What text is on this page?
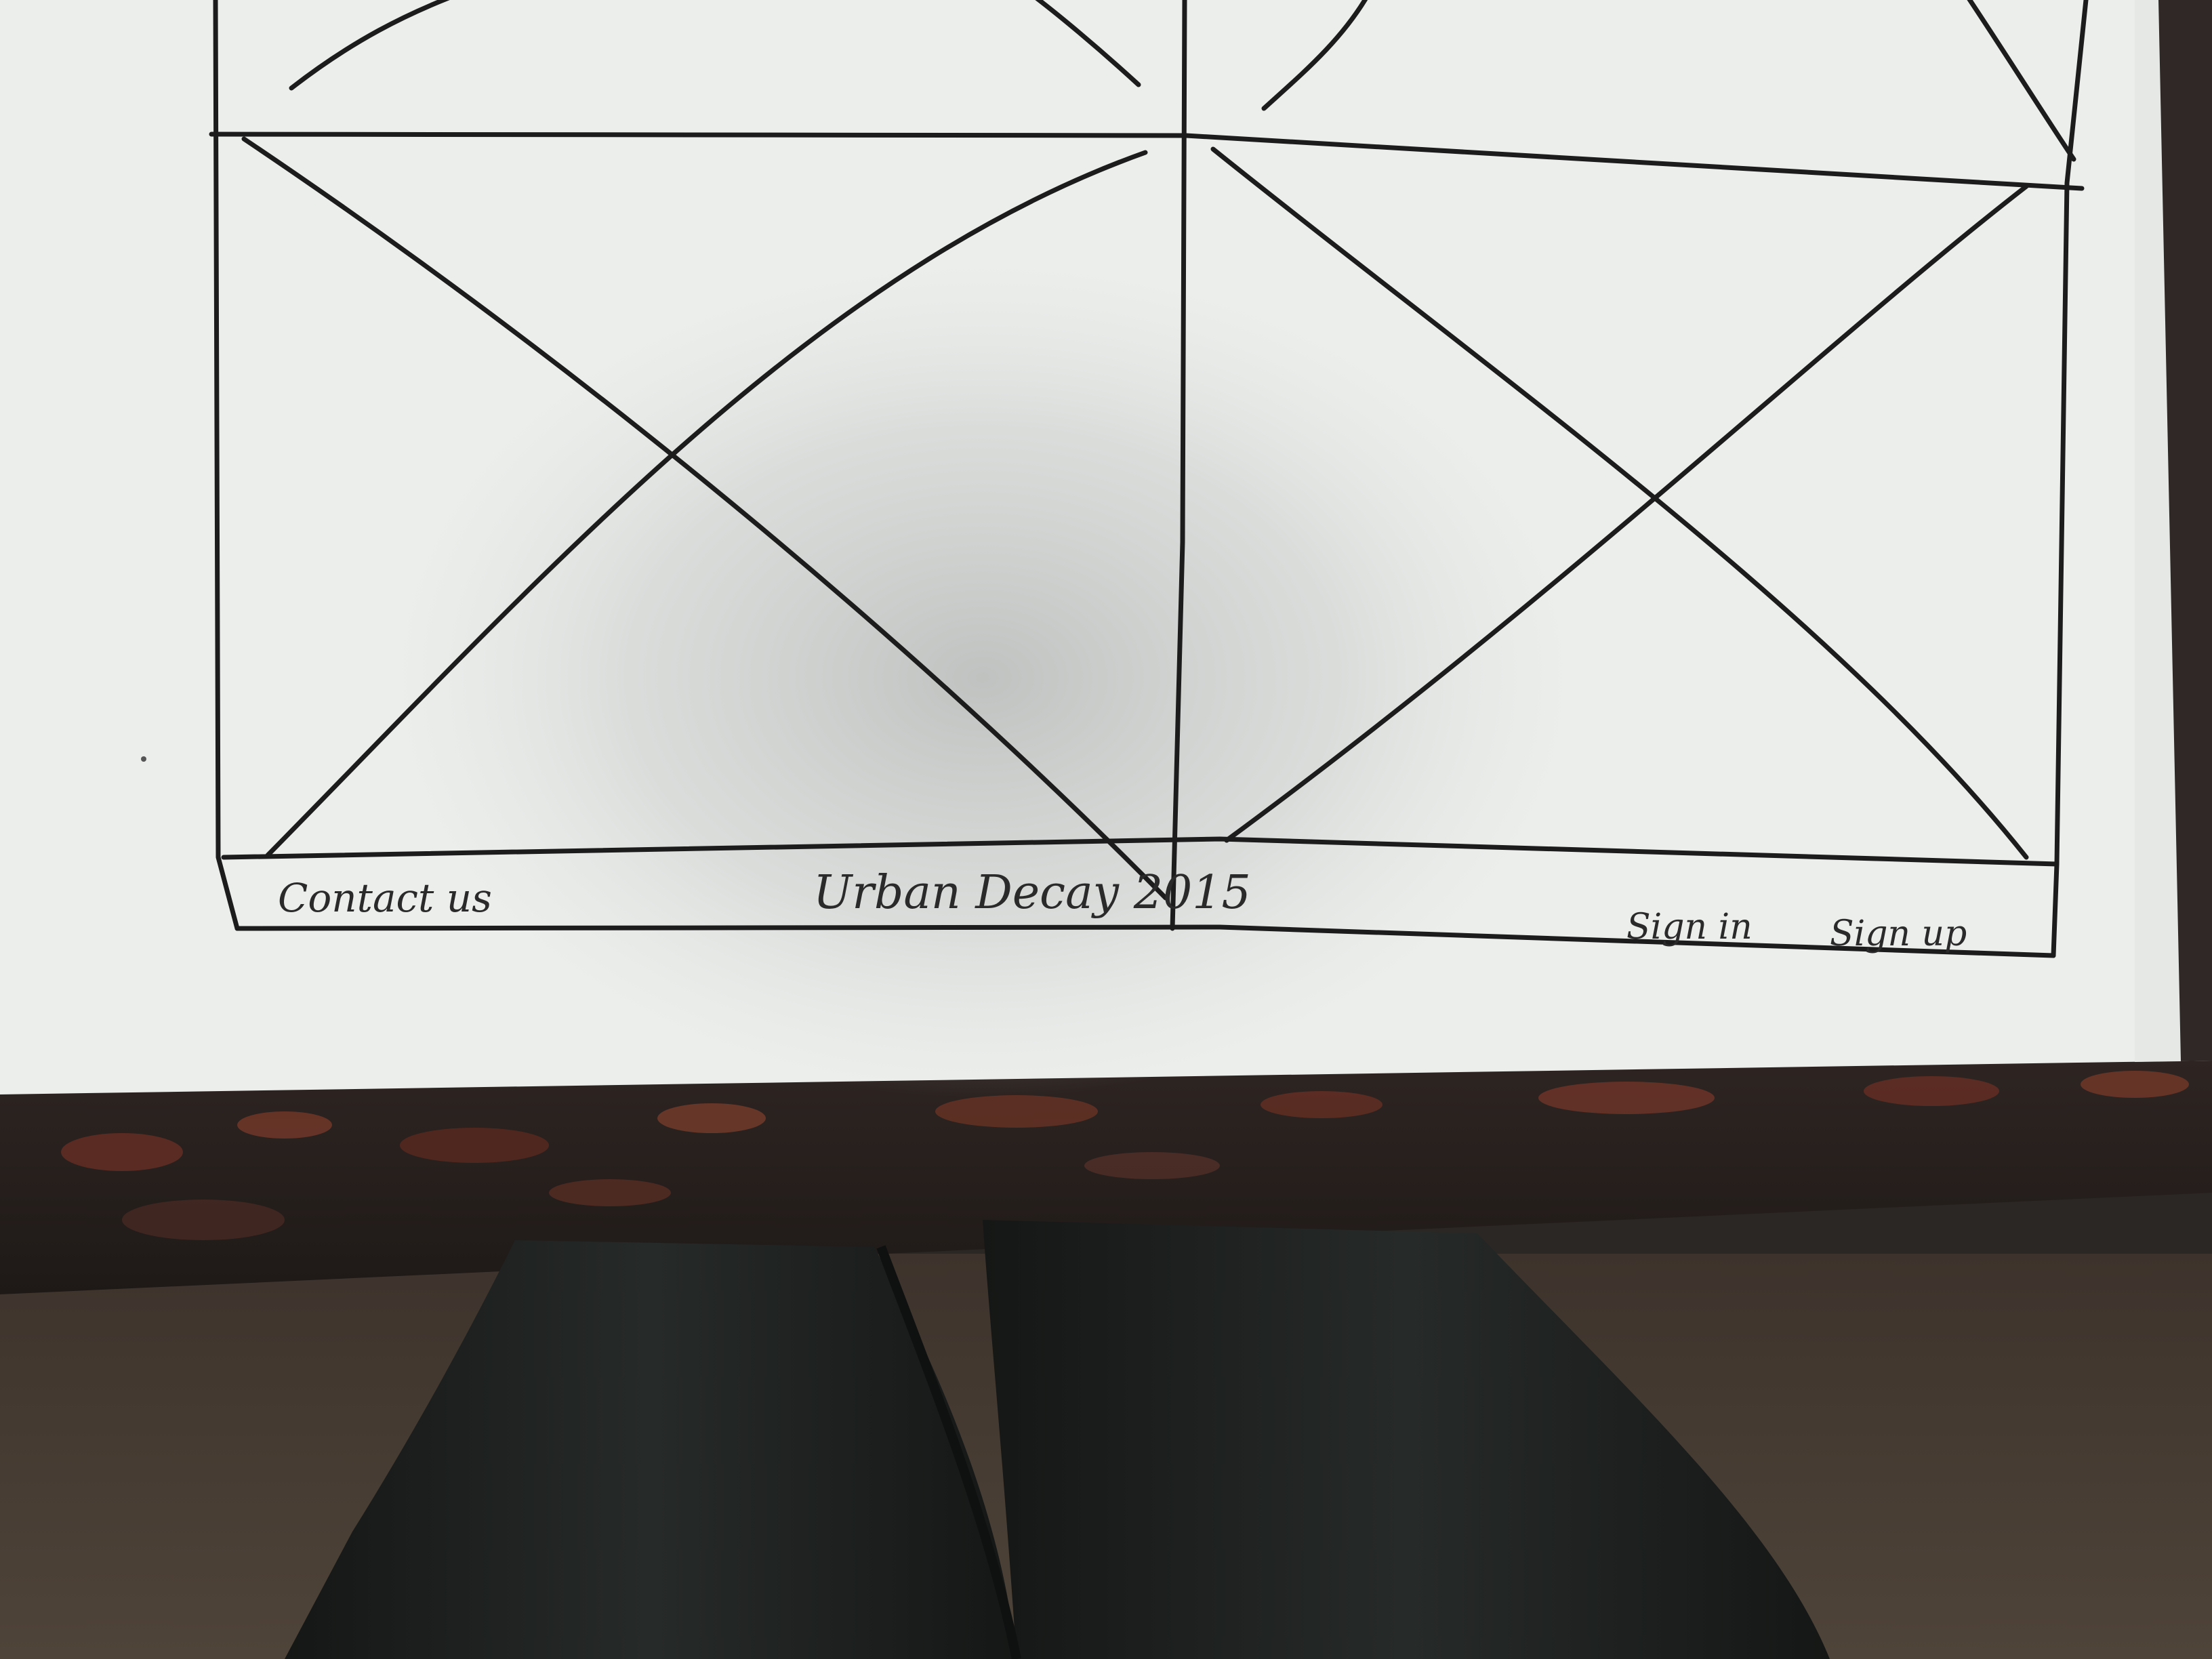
Contact us	Urban Decay 2015
Sign in Sign up
